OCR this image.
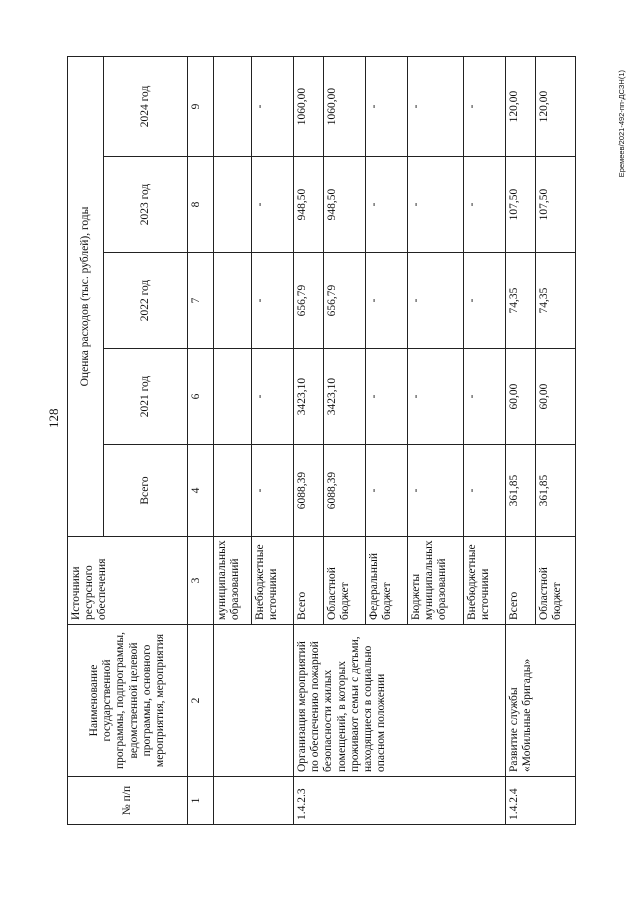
128
Еремеев/2021-492-пп-ДСЗН(1)
№ п/п	Наименование государственной программы, подпрограммы, ведомственной целевой программы, основного мероприятия, мероприятия	Источники ресурсного обеспечения	Оценка расходов (тыс. рублей), годы				
			Всего	2021 год	2022 год	2023 год	2024 год
1	2	3	4	6	7	8	9
		муниципальных образований					
		Внебюджетные источники	-	-	-	-	-
1.4.2.3	Организация мероприятий по обеспечению пожарной безопасности жилых помещений, в которых проживают семьи с детьми, находящиеся в социально опасном положении	Всего	6088,39	3423,10	656,79	948,50	1060,00
		Областной бюджет	6088,39	3423,10	656,79	948,50	1060,00
		Федеральный бюджет	-	-	-	-	-
		Бюджеты муниципальных образований	-	-	-	-	-
		Внебюджетные источники	-	-	-	-	-
1.4.2.4	Развитие службы «Мобильные бригады»	Всего	361,85	60,00	74,35	107,50	120,00
		Областной бюджет	361,85	60,00	74,35	107,50	120,00
